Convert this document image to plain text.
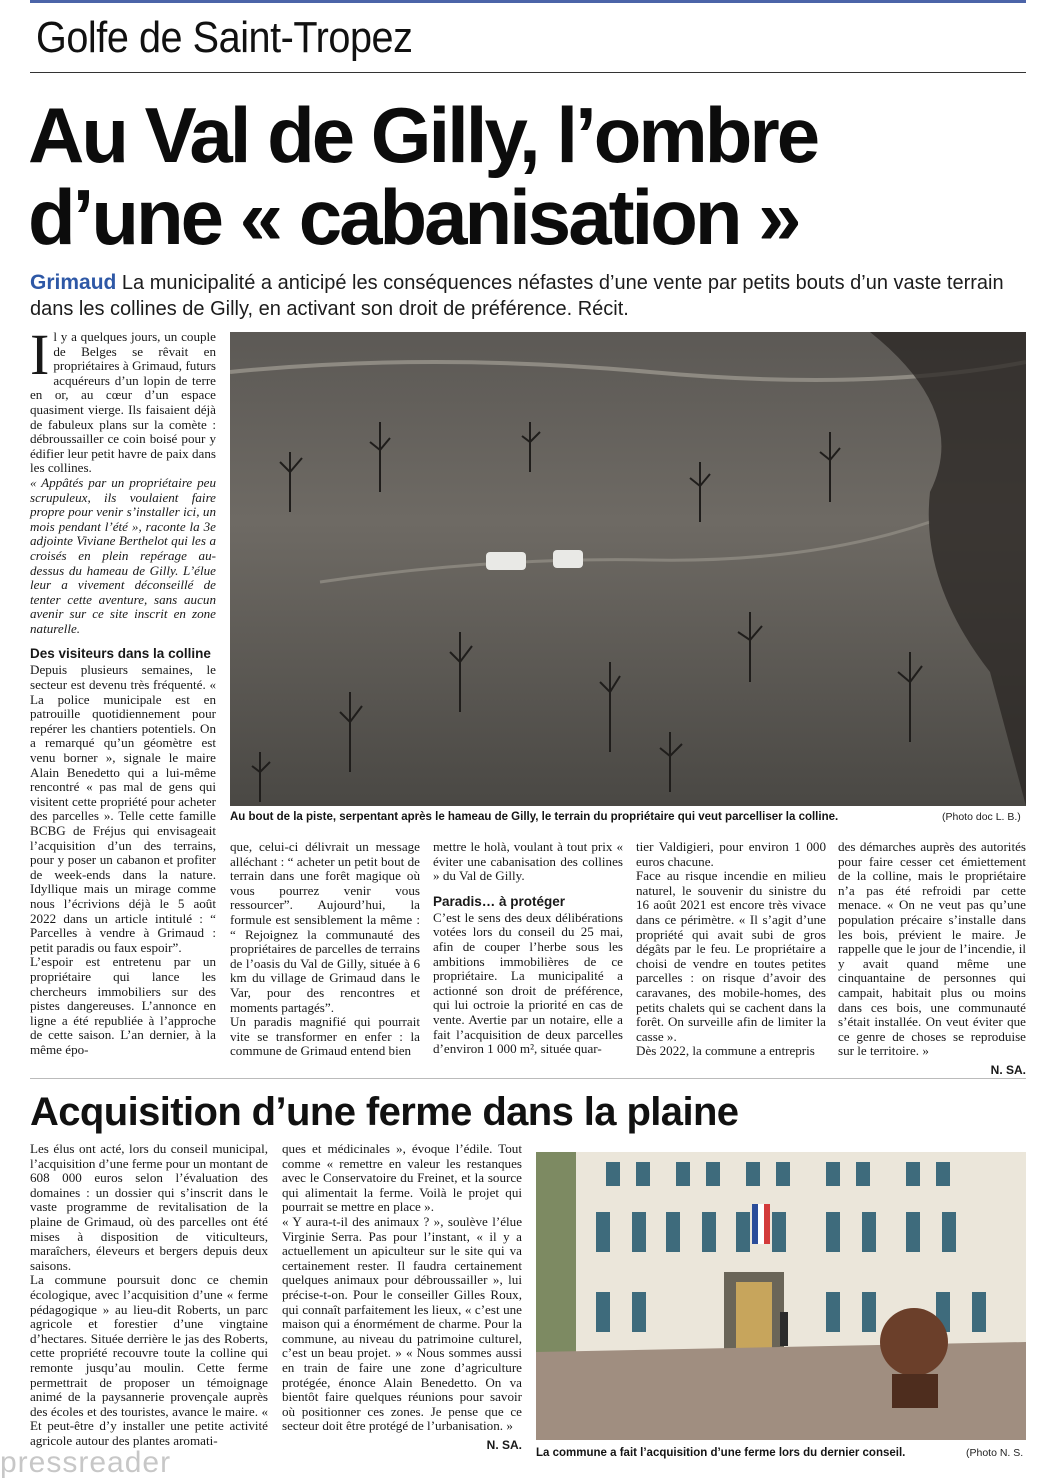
Golfe de Saint-Tropez
Au Val de Gilly, l’ombre
d’une « cabanisation »

Grimaud La municipalité a anticipé les conséquences néfastes d’une vente par petits bouts d’un vaste terrain dans les collines de Gilly, en activant son droit de préférence. Récit.

Il y a quelques jours, un couple de Belges se rêvait en propriétaires à Grimaud, futurs acquéreurs d’un lopin de terre en or, au cœur d’un espace quasiment vierge. Ils faisaient déjà de fabuleux plans sur la comète : débroussailler ce coin boisé pour y édifier leur petit havre de paix dans les collines.

« Appâtés par un propriétaire peu scrupuleux, ils voulaient faire propre pour venir s’installer ici, un mois pendant l’été », raconte la 3e adjointe Viviane Berthelot qui les a croisés en plein repérage au-dessus du hameau de Gilly. L’élue leur a vivement déconseillé de tenter cette aventure, sans aucun avenir sur ce site inscrit en zone naturelle.

Des visiteurs dans la colline

Depuis plusieurs semaines, le secteur est devenu très fréquenté. « La police municipale est en patrouille quotidiennement pour repérer les chantiers potentiels. On a remarqué qu’un géomètre est venu borner », signale le maire Alain Benedetto qui a lui-même rencontré « pas mal de gens qui visitent cette propriété pour acheter des parcelles ». Telle cette famille BCBG de Fréjus qui envisageait l’acquisition d’un des terrains, pour y poser un cabanon et profiter de week-ends dans la nature. Idyllique mais un mirage comme nous l’écrivions déjà le 5 août 2022 dans un article intitulé : “ Parcelles à vendre à Grimaud : petit paradis ou faux espoir”.

L’espoir est entretenu par un propriétaire qui lance les chercheurs immobiliers sur des pistes dangereuses. L’annonce en ligne a été republiée à l’approche de cette saison. L’an dernier, à la même épo-

Au bout de la piste, serpentant après le hameau de Gilly, le terrain du propriétaire qui veut parcelliser la colline.	(Photo doc L. B.)

que, celui-ci délivrait un message alléchant : “ acheter un petit bout de terrain dans une forêt magique où vous pourrez venir vous ressourcer”. Aujourd’hui, la formule est sensiblement la même : “ Rejoignez la communauté des propriétaires de parcelles de terrains de l’oasis du Val de Gilly, située à 6 km du village de Grimaud dans le Var, pour des rencontres et moments partagés”.

Un paradis magnifié qui pourrait vite se transformer en enfer : la commune de Grimaud entend bien

mettre le holà, voulant à tout prix « éviter une cabanisation des collines » du Val de Gilly.

Paradis… à protéger

C’est le sens des deux délibérations votées lors du conseil du 25 mai, afin de couper l’herbe sous les ambitions immobilières de ce propriétaire. La municipalité a actionné son droit de préférence, qui lui octroie la priorité en cas de vente. Avertie par un notaire, elle a fait l’acquisition de deux parcelles d’environ 1 000 m², située quar-

tier Valdigieri, pour environ 1 000 euros chacune.

Face au risque incendie en milieu naturel, le souvenir du sinistre du 16 août 2021 est encore très vivace dans ce périmètre. « Il s’agit d’une propriété qui avait subi de gros dégâts par le feu. Le propriétaire a choisi de vendre en toutes petites parcelles : on risque d’avoir des caravanes, des mobile-homes, des petits chalets qui se cachent dans la forêt. On surveille afin de limiter la casse ».

Dès 2022, la commune a entrepris

des démarches auprès des autorités pour faire cesser cet émiettement de la colline, mais le propriétaire n’a pas été refroidi par cette menace. « On ne veut pas qu’une population précaire s’installe dans les bois, prévient le maire. Je rappelle que le jour de l’incendie, il y avait quand même une cinquantaine de personnes qui campait, habitait plus ou moins dans ces bois, une communauté s’était installée. On veut éviter que ce genre de choses se reproduise sur le territoire. »

N. SA.

Acquisition d’une ferme dans la plaine

Les élus ont acté, lors du conseil municipal, l’acquisition d’une ferme pour un montant de 608 000 euros selon l’évaluation des domaines : un dossier qui s’inscrit dans le vaste programme de revitalisation de la plaine de Grimaud, où des parcelles ont été mises à disposition de viticulteurs, maraîchers, éleveurs et bergers depuis deux saisons.

La commune poursuit donc ce chemin écologique, avec l’acquisition d’une « ferme pédagogique » au lieu-dit Roberts, un parc agricole et forestier d’une vingtaine d’hectares. Située derrière le jas des Roberts, cette propriété recouvre toute la colline qui remonte jusqu’au moulin. Cette ferme permettrait de proposer un témoignage animé de la paysannerie provençale auprès des écoles et des touristes, avance le maire. « Et peut-être d’y installer une petite activité agricole autour des plantes aromati-

ques et médicinales », évoque l’édile. Tout comme « remettre en valeur les restanques avec le Conservatoire du Freinet, et la source qui alimentait la ferme. Voilà le projet qui pourrait se mettre en place ».

« Y aura-t-il des animaux ? », soulève l’élue Virginie Serra. Pas pour l’instant, « il y a actuellement un apiculteur sur le site qui va certainement rester. Il faudra certainement quelques animaux pour débroussailler », lui précise-t-on. Pour le conseiller Gilles Roux, qui connaît parfaitement les lieux, « c’est une maison qui a énormément de charme. Pour la commune, au niveau du patrimoine culturel, c’est un beau projet. » « Nous sommes aussi en train de faire une zone d’agriculture protégée, énonce Alain Benedetto. On va bientôt faire quelques réunions pour savoir où positionner ces zones. Je pense que ce secteur doit être protégé de l’urbanisation. »

N. SA.

La commune a fait l’acquisition d’une ferme lors du dernier conseil.	(Photo N. S.
pressreader
